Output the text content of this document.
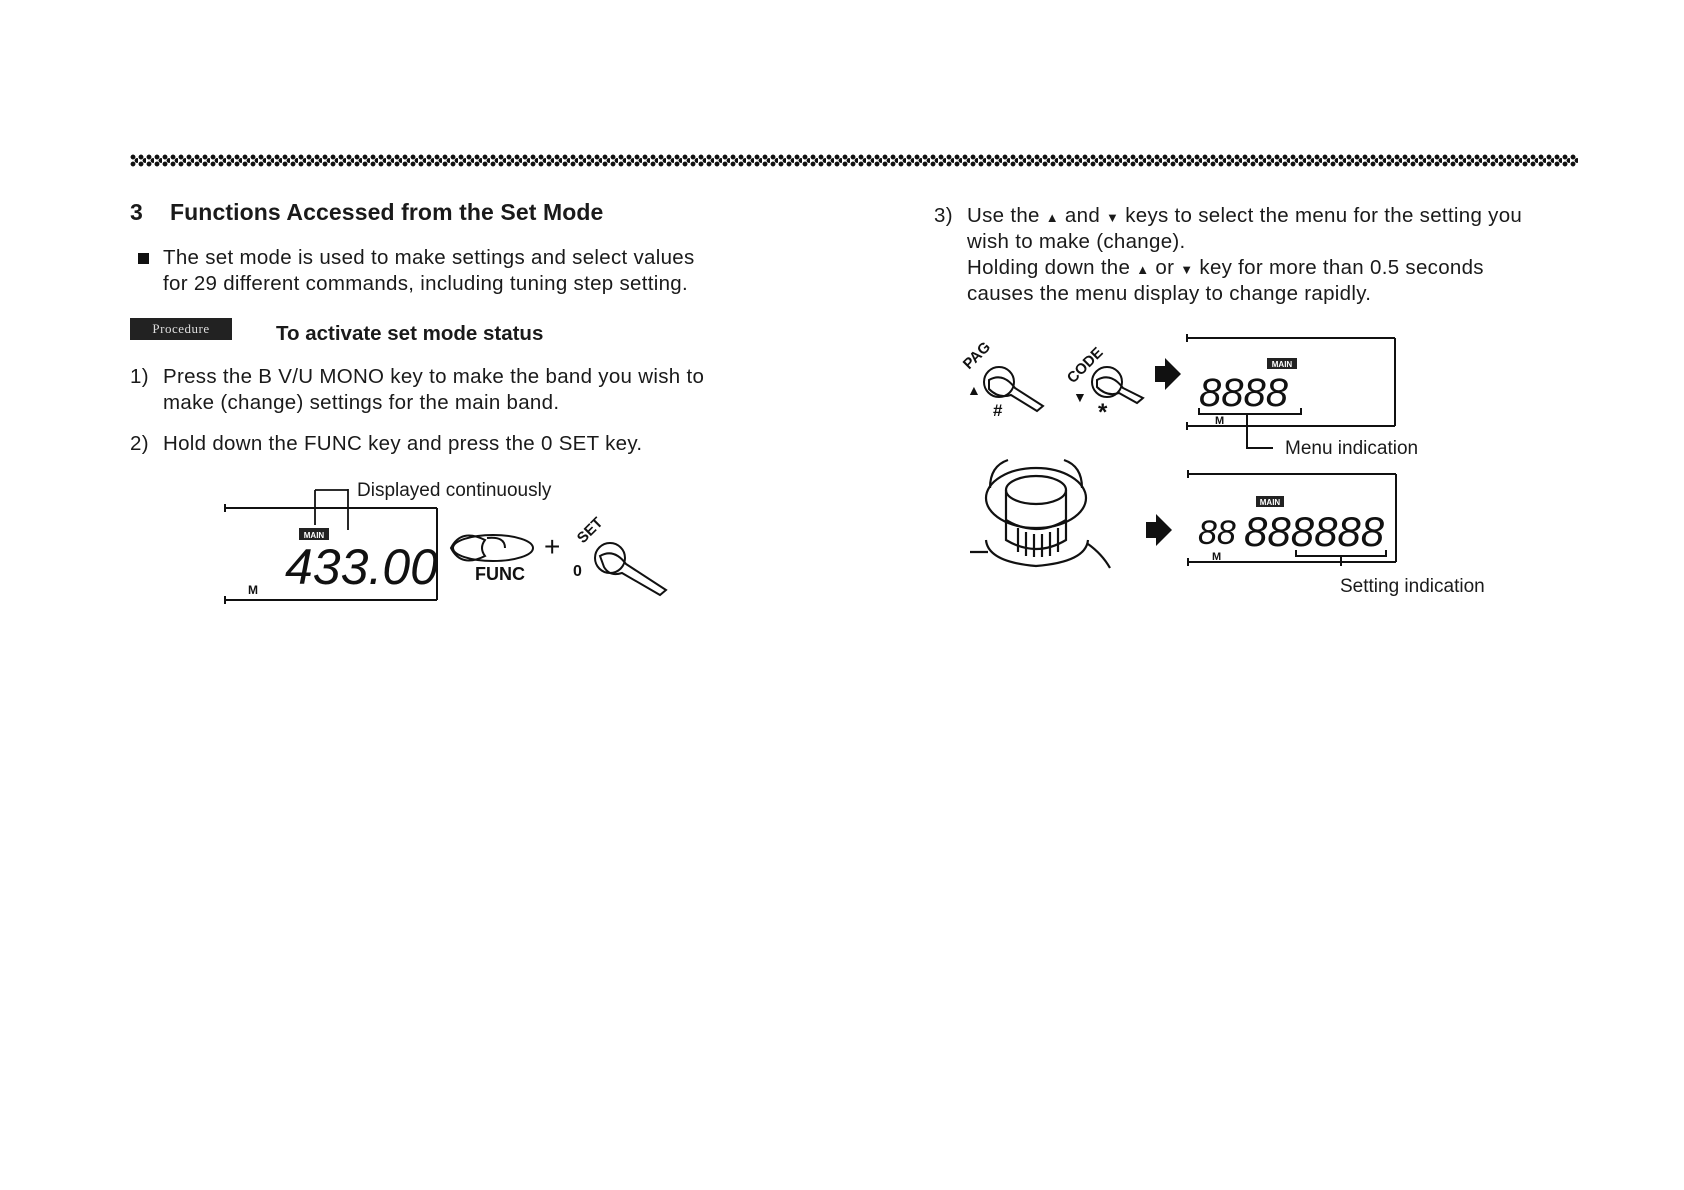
3 Functions Accessed from the Set Mode
The set mode is used to make settings and select values
for 29 different commands, including tuning step setting.
Procedure	To activate set mode status
1) Press the B V/U MONO key to make the band you wish to
make (change) settings for the main band.
2) Hold down the FUNC key and press the 0 SET key.
3) Use the ▲ and ▼ keys to select the menu for the setting you
wish to make (change).
Holding down the ▲ or ▼ key for more than 0.5 seconds
causes the menu display to change rapidly.
Displayed continuously
MAIN
433.00
M
FUNC
+ SET
0
PAG
▲
#
CODE
▼
*
MAIN
8888
M
Menu indication
MAIN
88 888888
M
Setting indication
